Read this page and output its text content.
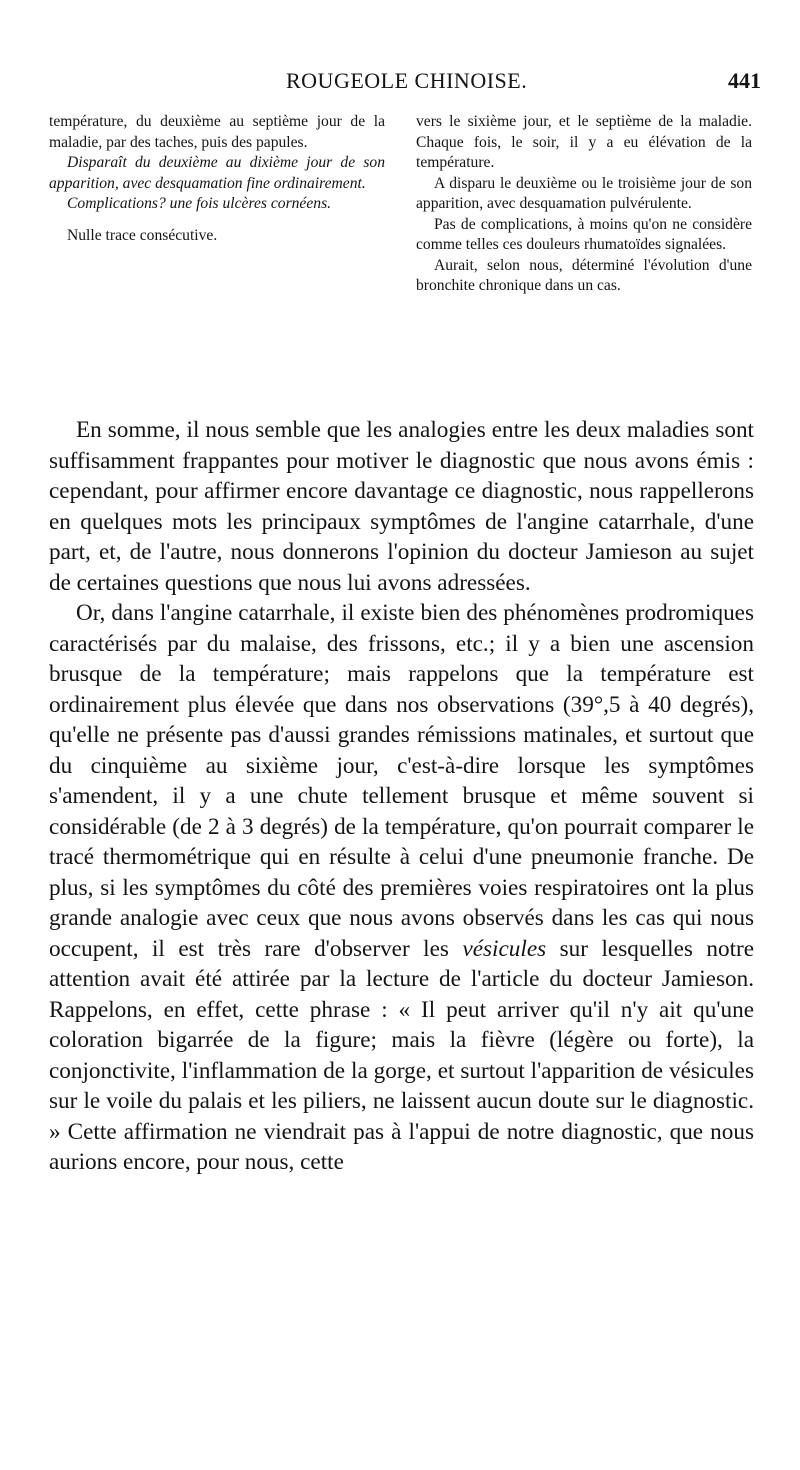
ROUGEOLE CHINOISE.	441

température, du deuxième au septième jour de la maladie, par des taches, puis des papules.

Disparaît du deuxième au dixième jour de son apparition, avec desquamation fine ordinairement.

Complications? une fois ulcères cornéens.

Nulle trace consécutive.

vers le sixième jour, et le septième de la maladie. Chaque fois, le soir, il y a eu élévation de la température.

A disparu le deuxième ou le troisième jour de son apparition, avec desquamation pulvérulente.

Pas de complications, à moins qu'on ne considère comme telles ces douleurs rhumatoïdes signalées.

Aurait, selon nous, déterminé l'évolution d'une bronchite chronique dans un cas.

En somme, il nous semble que les analogies entre les deux maladies sont suffisamment frappantes pour motiver le diagnostic que nous avons émis : cependant, pour affirmer encore davantage ce diagnostic, nous rappellerons en quelques mots les principaux symptômes de l'angine catarrhale, d'une part, et, de l'autre, nous donnerons l'opinion du docteur Jamieson au sujet de certaines questions que nous lui avons adressées.

Or, dans l'angine catarrhale, il existe bien des phénomènes prodromiques caractérisés par du malaise, des frissons, etc.; il y a bien une ascension brusque de la température; mais rappelons que la température est ordinairement plus élevée que dans nos observations (39°,5 à 40 degrés), qu'elle ne présente pas d'aussi grandes rémissions matinales, et surtout que du cinquième au sixième jour, c'est-à-dire lorsque les symptômes s'amendent, il y a une chute tellement brusque et même souvent si considérable (de 2 à 3 degrés) de la température, qu'on pourrait comparer le tracé thermométrique qui en résulte à celui d'une pneumonie franche. De plus, si les symptômes du côté des premières voies respiratoires ont la plus grande analogie avec ceux que nous avons observés dans les cas qui nous occupent, il est très rare d'observer les vésicules sur lesquelles notre attention avait été attirée par la lecture de l'article du docteur Jamieson. Rappelons, en effet, cette phrase : « Il peut arriver qu'il n'y ait qu'une coloration bigarrée de la figure; mais la fièvre (légère ou forte), la conjonctivite, l'inflammation de la gorge, et surtout l'apparition de vésicules sur le voile du palais et les piliers, ne laissent aucun doute sur le diagnostic. » Cette affirmation ne viendrait pas à l'appui de notre diagnostic, que nous aurions encore, pour nous, cette
